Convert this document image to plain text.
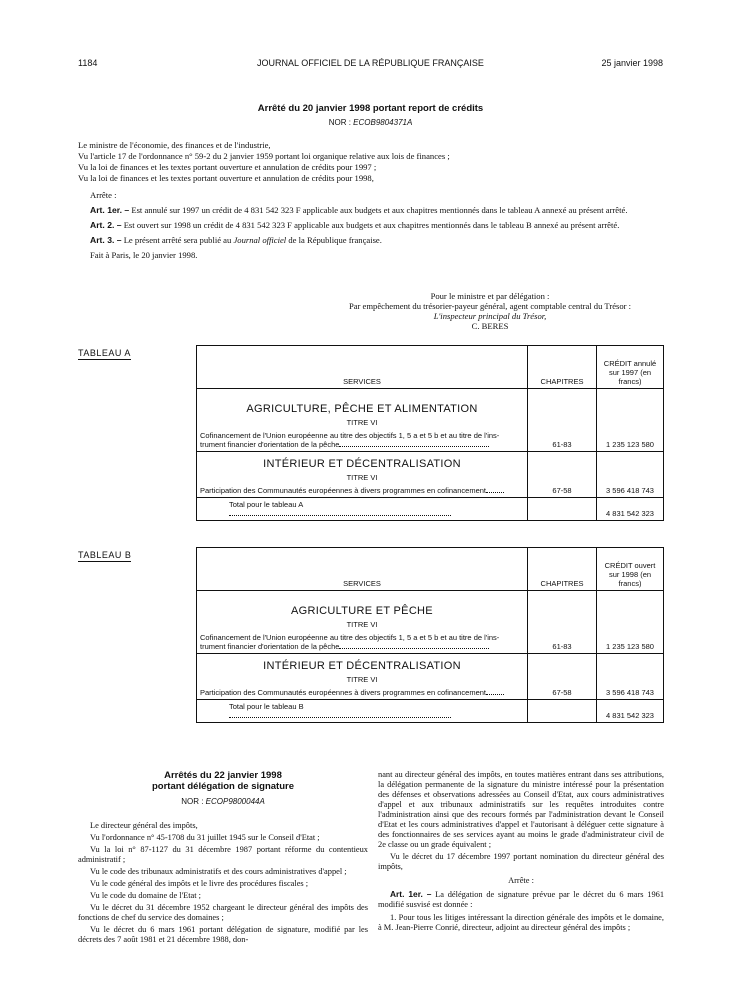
1184	JOURNAL OFFICIEL DE LA RÉPUBLIQUE FRANÇAISE	25 janvier 1998
Arrêté du 20 janvier 1998 portant report de crédits
NOR : ECOB9804371A

Le ministre de l'économie, des finances et de l'industrie,

Vu l'article 17 de l'ordonnance n° 59-2 du 2 janvier 1959 portant loi organique relative aux lois de finances ;

Vu la loi de finances et les textes portant ouverture et annulation de crédits pour 1997 ;

Vu la loi de finances et les textes portant ouverture et annulation de crédits pour 1998,

Arrête :

Art. 1er. – Est annulé sur 1997 un crédit de 4 831 542 323 F applicable aux budgets et aux chapitres mentionnés dans le tableau A annexé au présent arrêté.

Art. 2. – Est ouvert sur 1998 un crédit de 4 831 542 323 F applicable aux budgets et aux chapitres mentionnés dans le tableau B annexé au présent arrêté.

Art. 3. – Le présent arrêté sera publié au Journal officiel de la République française.

Fait à Paris, le 20 janvier 1998.

Pour le ministre et par délégation :

Par empêchement du trésorier-payeur général, agent comptable central du Trésor :

L'inspecteur principal du Trésor,

C. BERES

TABLEAU A
SERVICES	CHAPITRES	CRÉDIT annulé sur 1997 (en francs)

AGRICULTURE, PÊCHE ET ALIMENTATION
TITRE VI
Cofinancement de l'Union européenne au titre des objectifs 1, 5 a et 5 b et au titre de l'ins-
trument financier d'orientation de la pêche	61-83	1 235 123 580

INTÉRIEUR ET DÉCENTRALISATION
TITRE VI
Participation des Communautés européennes à divers programmes en cofinancement	67-58	3 596 418 743
Total pour le tableau A		4 831 542 323
TABLEAU B
SERVICES	CHAPITRES	CRÉDIT ouvert sur 1998 (en francs)

AGRICULTURE ET PÊCHE
TITRE VI
Cofinancement de l'Union européenne au titre des objectifs 1, 5 a et 5 b et au titre de l'ins-
trument financier d'orientation de la pêche	61-83	1 235 123 580

INTÉRIEUR ET DÉCENTRALISATION
TITRE VI
Participation des Communautés européennes à divers programmes en cofinancement	67-58	3 596 418 743
Total pour le tableau B		4 831 542 323

Arrêtés du 22 janvier 1998

portant délégation de signature

NOR : ECOP9800044A

Le directeur général des impôts,

Vu l'ordonnance n° 45-1708 du 31 juillet 1945 sur le Conseil d'Etat ;

Vu la loi n° 87-1127 du 31 décembre 1987 portant réforme du contentieux administratif ;

Vu le code des tribunaux administratifs et des cours administratives d'appel ;

Vu le code général des impôts et le livre des procédures fiscales ;

Vu le code du domaine de l'Etat ;

Vu le décret du 31 décembre 1952 chargeant le directeur général des impôts des fonctions de chef du service des domaines ;

Vu le décret du 6 mars 1961 portant délégation de signature, modifié par les décrets des 7 août 1981 et 21 décembre 1988, don-

nant au directeur général des impôts, en toutes matières entrant dans ses attributions, la délégation permanente de la signature du ministre intéressé pour la présentation des défenses et observations adressées au Conseil d'Etat, aux cours administratives d'appel et aux tribunaux administratifs sur les requêtes introduites contre l'administration ainsi que des recours formés par l'administration devant le Conseil d'Etat et les cours administratives d'appel et l'autorisant à déléguer cette signature à des fonctionnaires de ses services ayant au moins le grade d'administrateur civil de 2e classe ou un grade équivalent ;

Vu le décret du 17 décembre 1997 portant nomination du directeur général des impôts,

Arrête :

Art. 1er. – La délégation de signature prévue par le décret du 6 mars 1961 modifié susvisé est donnée :

1. Pour tous les litiges intéressant la direction générale des impôts et le domaine, à M. Jean-Pierre Conrié, directeur, adjoint au directeur général des impôts ;
